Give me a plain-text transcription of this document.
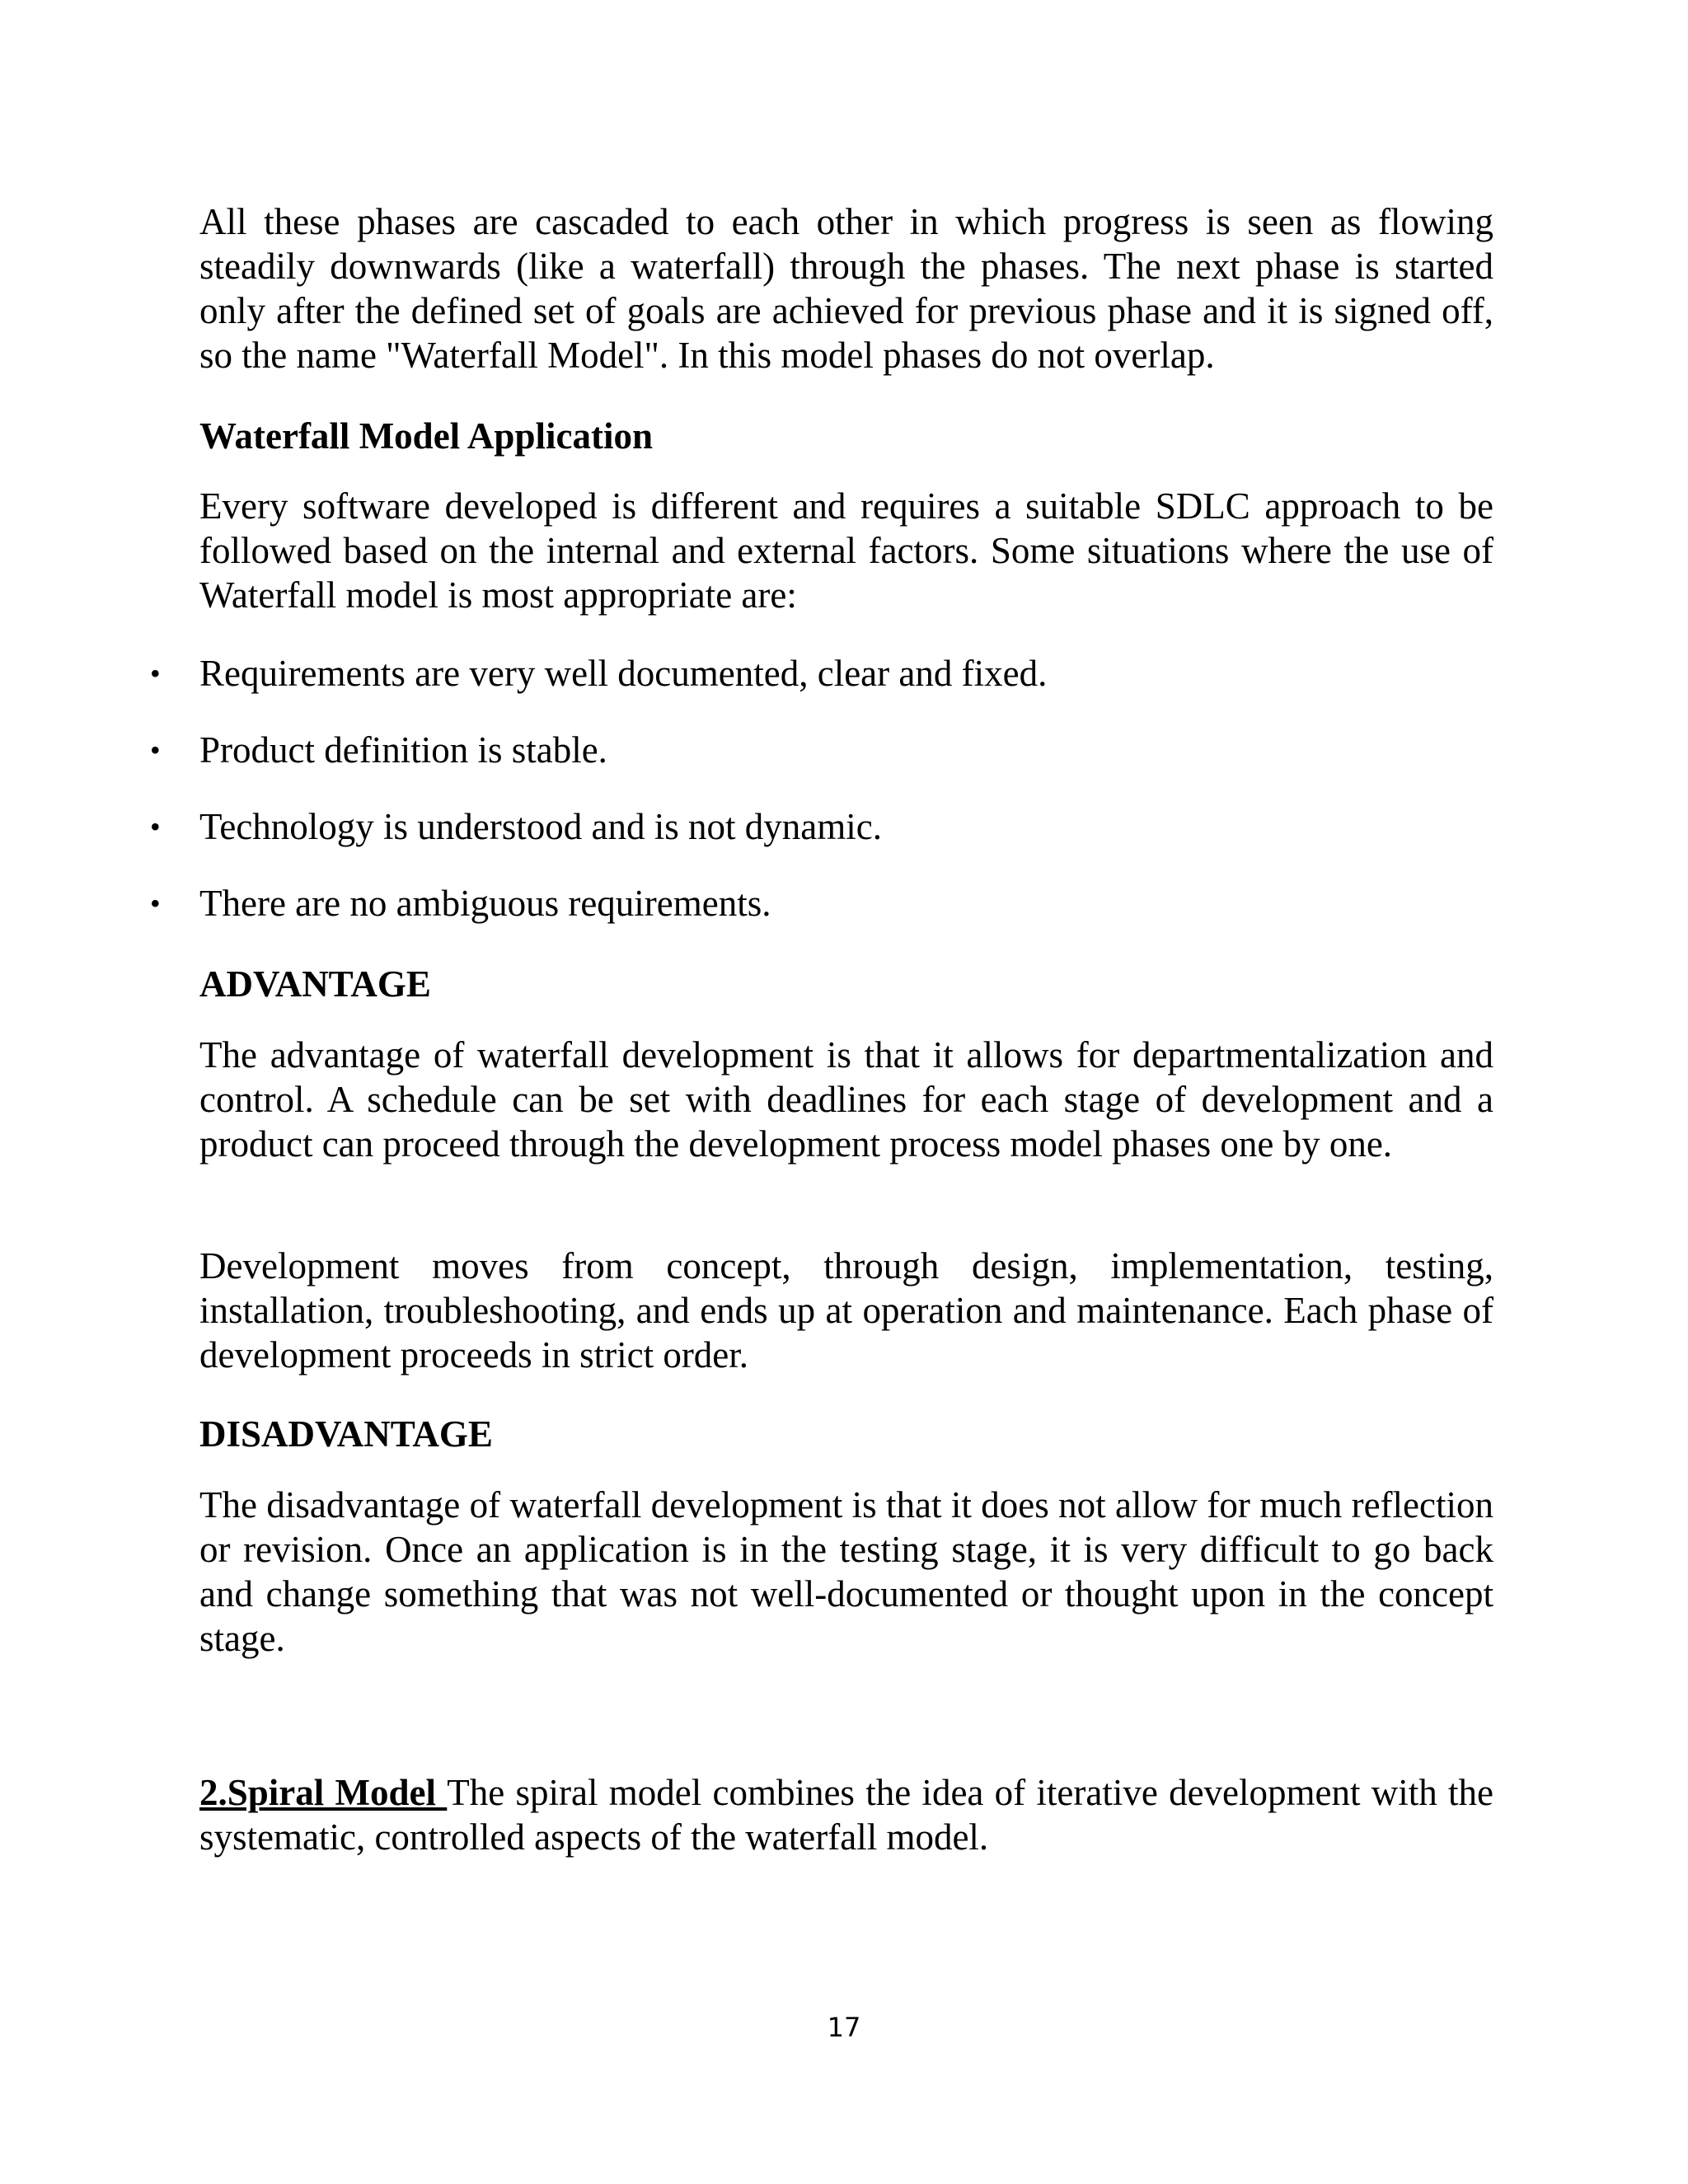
All these phases are cascaded to each other in which progress is seen as flowing steadily downwards (like a waterfall) through the phases. The next phase is started only after the defined set of goals are achieved for previous phase and it is signed off, so the name "Waterfall Model". In this model phases do not overlap.

Waterfall Model Application

Every software developed is different and requires a suitable SDLC approach to be followed based on the internal and external factors. Some situations where the use of Waterfall model is most appropriate are:

• Requirements are very well documented, clear and fixed.
• Product definition is stable.
• Technology is understood and is not dynamic.
• There are no ambiguous requirements.

ADVANTAGE

The advantage of waterfall development is that it allows for departmentalization and control. A schedule can be set with deadlines for each stage of development and a product can proceed through the development process model phases one by one.

Development moves from concept, through design, implementation, testing, installation, troubleshooting, and ends up at operation and maintenance. Each phase of development proceeds in strict order.

DISADVANTAGE

The disadvantage of waterfall development is that it does not allow for much reflection or revision. Once an application is in the testing stage, it is very difficult to go back and change something that was not well-documented or thought upon in the concept stage.

2.Spiral Model The spiral model combines the idea of iterative development with the systematic, controlled aspects of the waterfall model.

17
